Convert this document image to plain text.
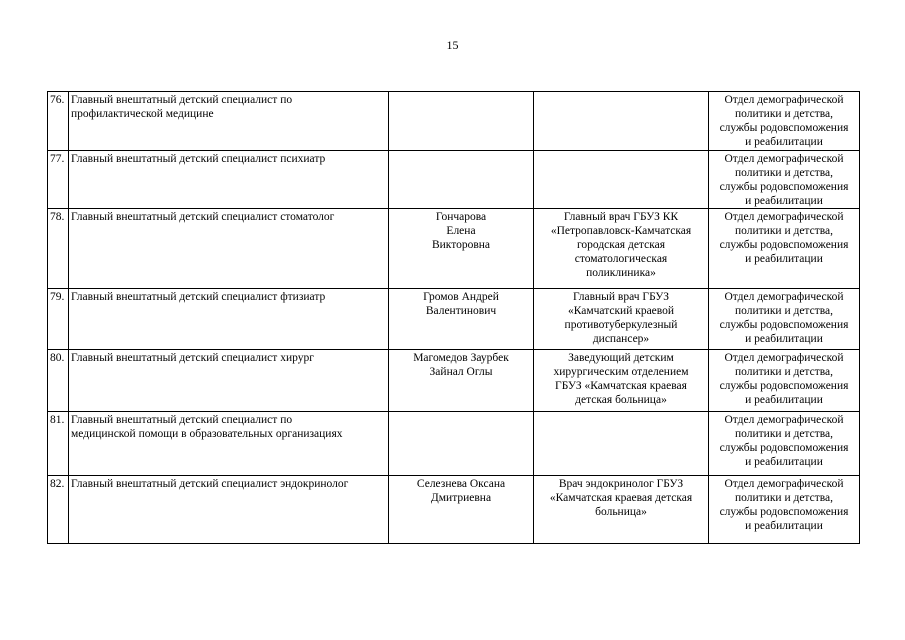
15
76.	Главный внештатный детский специалист по
профилактической медицине			Отдел демографической
политики и детства,
службы родовспоможения
и реабилитации
77.	Главный внештатный детский специалист психиатр			Отдел демографической
политики и детства,
службы родовспоможения
и реабилитации
78.	Главный внештатный детский специалист стоматолог	Гончарова
Елена
Викторовна	Главный врач ГБУЗ КК
«Петропавловск-Камчатская
городская детская
стоматологическая
поликлиника»	Отдел демографической
политики и детства,
службы родовспоможения
и реабилитации
79.	Главный внештатный детский специалист фтизиатр	Громов Андрей
Валентинович	Главный врач ГБУЗ
«Камчатский краевой
противотуберкулезный
диспансер»	Отдел демографической
политики и детства,
службы родовспоможения
и реабилитации
80.	Главный внештатный детский специалист хирург	Магомедов Заурбек
Зайнал Оглы	Заведующий детским
хирургическим отделением
ГБУЗ «Камчатская краевая
детская больница»	Отдел демографической
политики и детства,
службы родовспоможения
и реабилитации
81.	Главный внештатный детский специалист по
медицинской помощи в образовательных организациях			Отдел демографической
политики и детства,
службы родовспоможения
и реабилитации
82.	Главный внештатный детский специалист эндокринолог	Селезнева Оксана
Дмитриевна	Врач эндокринолог ГБУЗ
«Камчатская краевая детская
больница»	Отдел демографической
политики и детства,
службы родовспоможения
и реабилитации
